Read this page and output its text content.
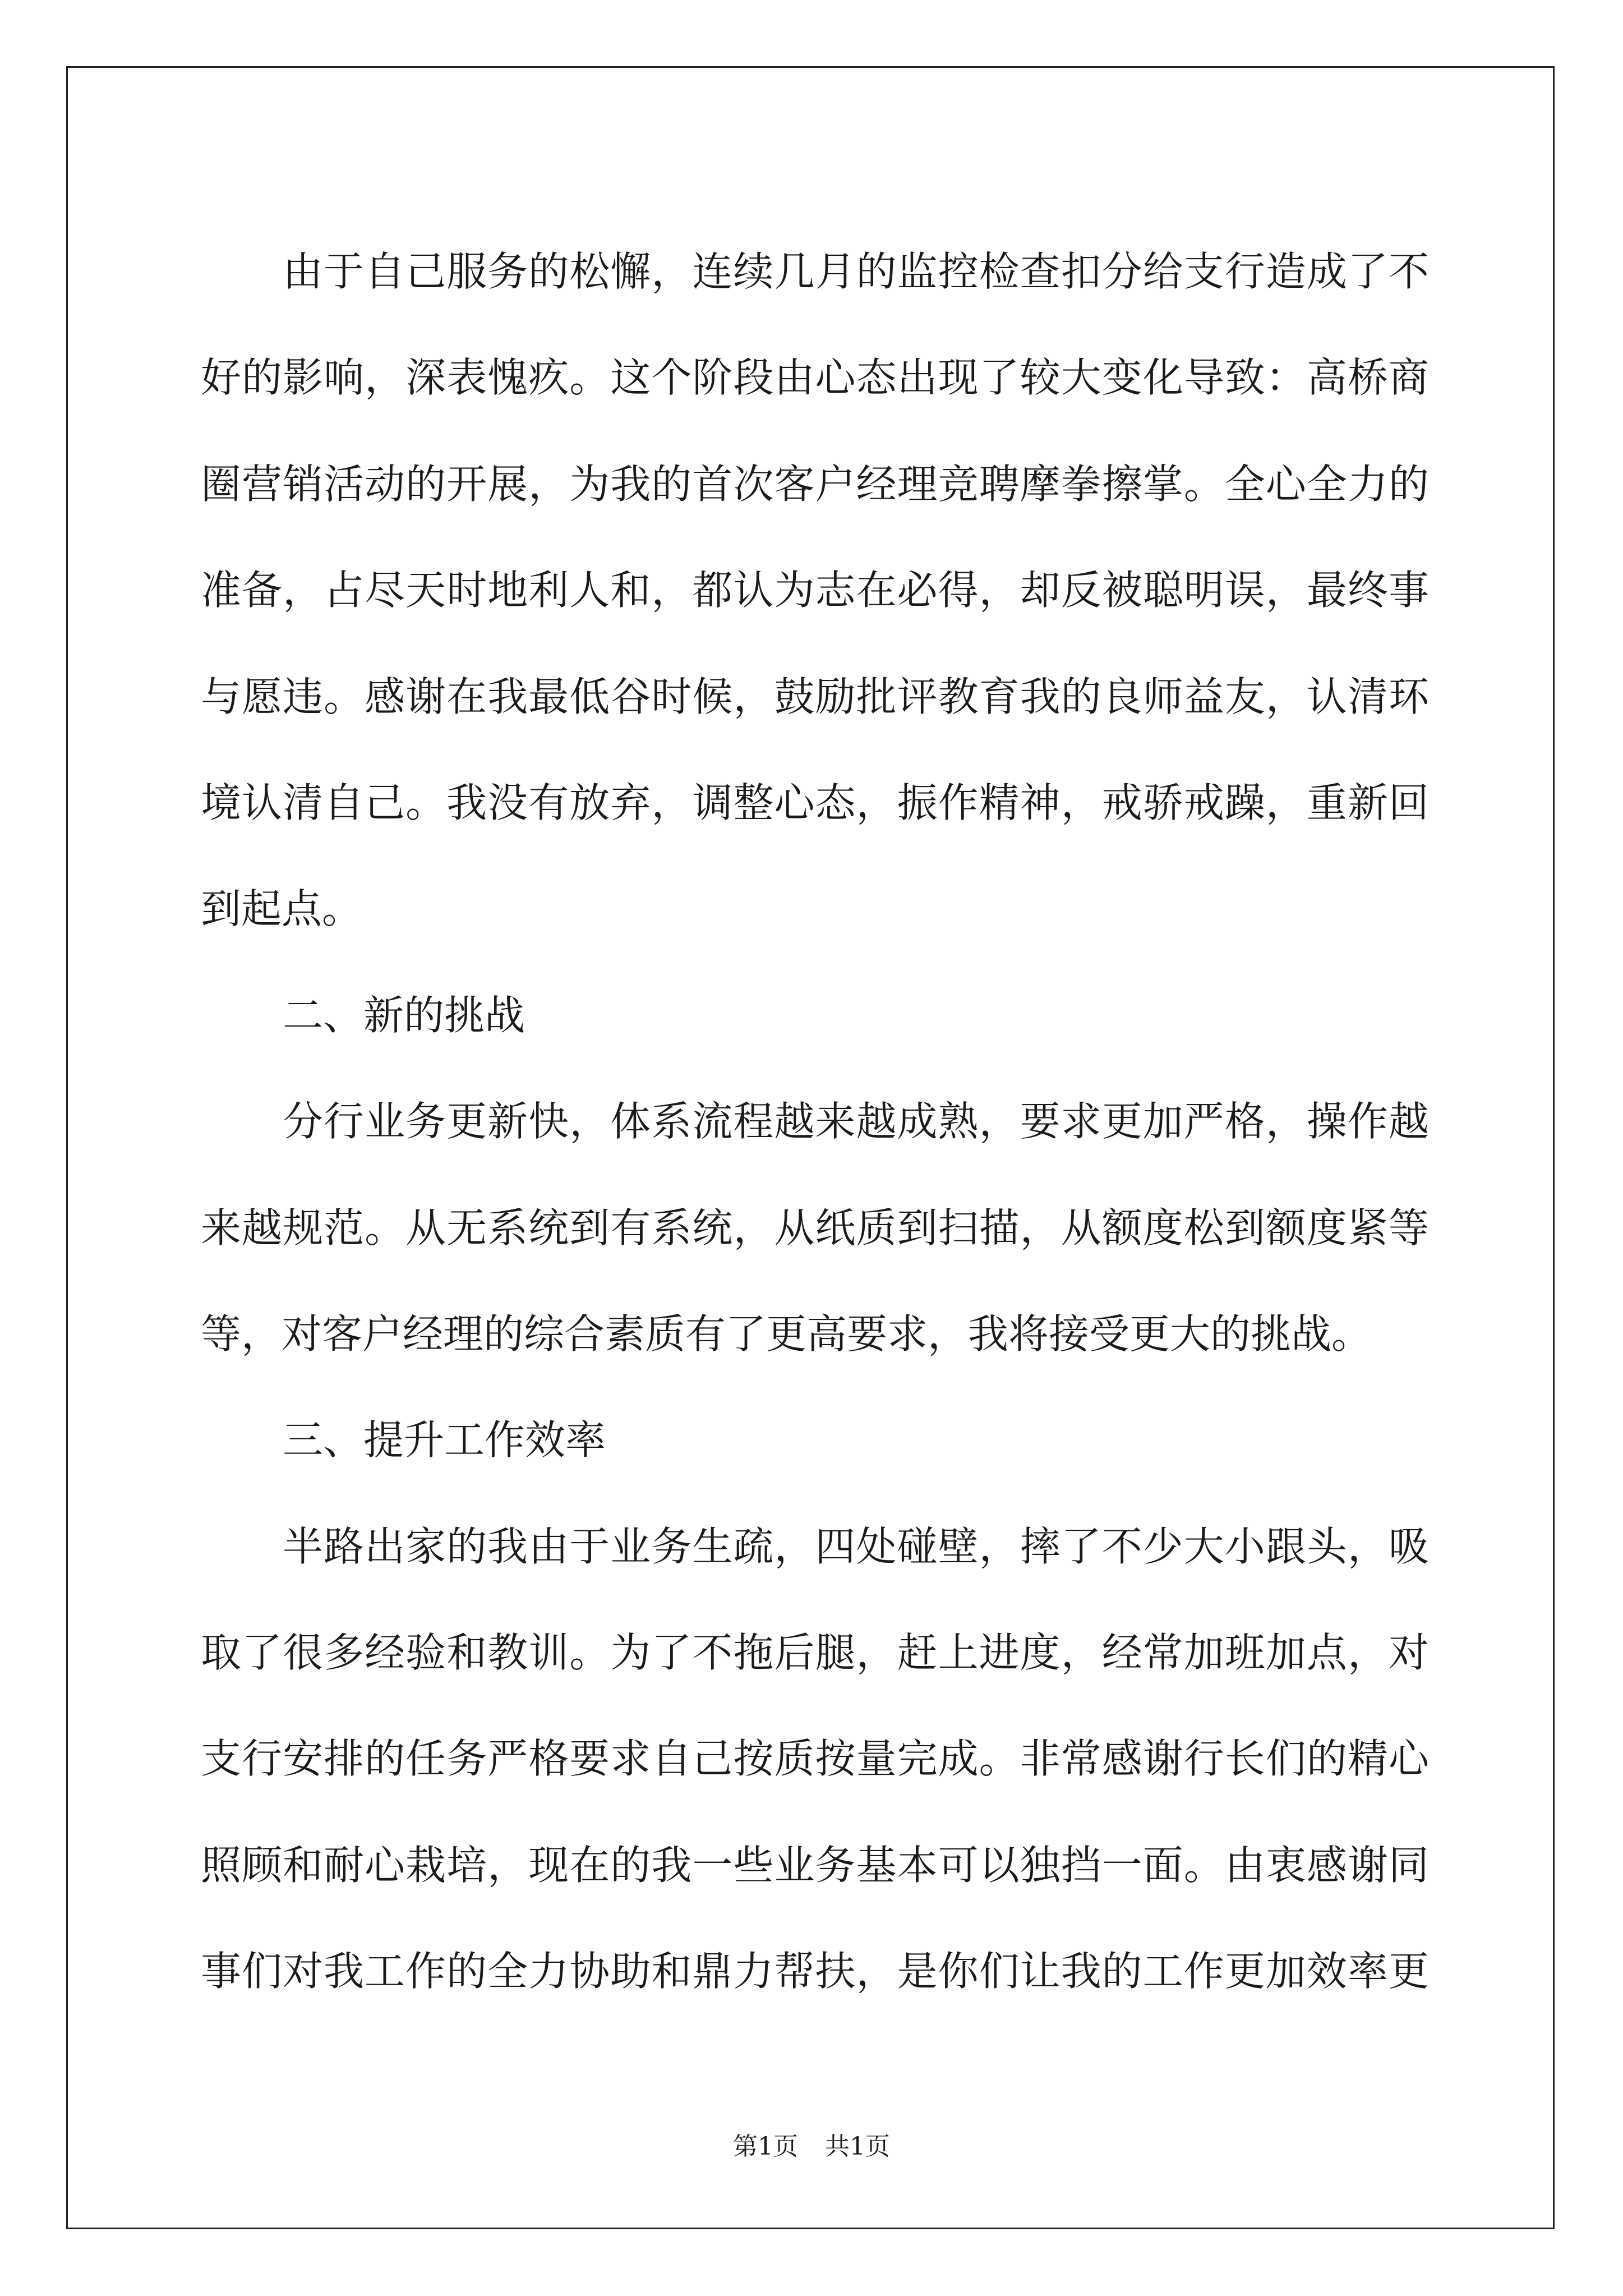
由于自己服务的松懈，连续几月的监控检查扣分给支行造成了不
好的影响，深表愧疚。这个阶段由心态出现了较大变化导致：高桥商
圈营销活动的开展，为我的首次客户经理竞聘摩拳擦掌。全心全力的
准备，占尽天时地利人和，都认为志在必得，却反被聪明误，最终事
与愿违。感谢在我最低谷时候，鼓励批评教育我的良师益友，认清环
境认清自己。我没有放弃，调整心态，振作精神，戒骄戒躁，重新回
到起点。
二、新的挑战
分行业务更新快，体系流程越来越成熟，要求更加严格，操作越
来越规范。从无系统到有系统，从纸质到扫描，从额度松到额度紧等
等，对客户经理的综合素质有了更高要求，我将接受更大的挑战。
三、提升工作效率
半路出家的我由于业务生疏，四处碰壁，摔了不少大小跟头，吸
取了很多经验和教训。为了不拖后腿，赶上进度，经常加班加点，对
支行安排的任务严格要求自己按质按量完成。非常感谢行长们的精心
照顾和耐心栽培，现在的我一些业务基本可以独挡一面。由衷感谢同
事们对我工作的全力协助和鼎力帮扶，是你们让我的工作更加效率更
第1页 共1页
